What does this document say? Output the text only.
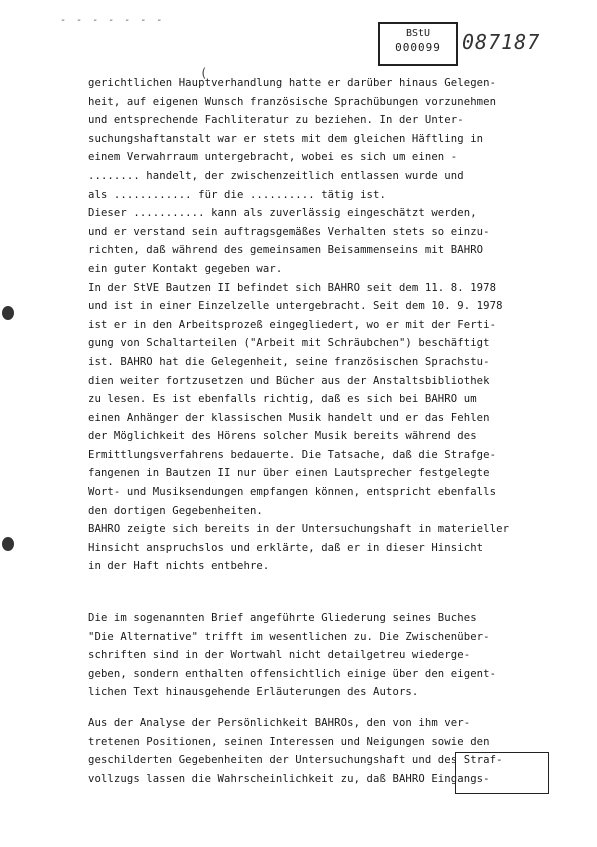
- - - - - - -
BStU
000099	087187
(
gerichtlichen Hauptverhandlung hatte er darüber hinaus Gelegen-
heit, auf eigenen Wunsch französische Sprachübungen vorzunehmen
und entsprechende Fachliteratur zu beziehen. In der Unter-
suchungshaftanstalt war er stets mit dem gleichen Häftling in
einem Verwahrraum untergebracht, wobei es sich um einen -
........ handelt, der zwischenzeitlich entlassen wurde und
als ............ für die .......... tätig ist.
Dieser ........... kann als zuverlässig eingeschätzt werden,
und er verstand sein auftragsgemäßes Verhalten stets so einzu-
richten, daß während des gemeinsamen Beisammenseins mit BAHRO
ein guter Kontakt gegeben war.
In der StVE Bautzen II befindet sich BAHRO seit dem 11. 8. 1978
und ist in einer Einzelzelle untergebracht. Seit dem 10. 9. 1978
ist er in den Arbeitsprozeß eingegliedert, wo er mit der Ferti-
gung von Schaltarteilen ("Arbeit mit Schräubchen") beschäftigt
ist. BAHRO hat die Gelegenheit, seine französischen Sprachstu-
dien weiter fortzusetzen und Bücher aus der Anstaltsbibliothek
zu lesen. Es ist ebenfalls richtig, daß es sich bei BAHRO um
einen Anhänger der klassischen Musik handelt und er das Fehlen
der Möglichkeit des Hörens solcher Musik bereits während des
Ermittlungsverfahrens bedauerte. Die Tatsache, daß die Strafge-
fangenen in Bautzen II nur über einen Lautsprecher festgelegte
Wort- und Musiksendungen empfangen können, entspricht ebenfalls
den dortigen Gegebenheiten.
BAHRO zeigte sich bereits in der Untersuchungshaft in materieller
Hinsicht anspruchslos und erklärte, daß er in dieser Hinsicht
in der Haft nichts entbehre.
Die im sogenannten Brief angeführte Gliederung seines Buches
"Die Alternative" trifft im wesentlichen zu. Die Zwischenüber-
schriften sind in der Wortwahl nicht detailgetreu wiederge-
geben, sondern enthalten offensichtlich einige über den eigent-
lichen Text hinausgehende Erläuterungen des Autors.
Aus der Analyse der Persönlichkeit BAHROs, den von ihm ver-
tretenen Positionen, seinen Interessen und Neigungen sowie den
geschilderten Gegebenheiten der Untersuchungshaft und des Straf-
vollzugs lassen die Wahrscheinlichkeit zu, daß BAHRO Eingangs-
